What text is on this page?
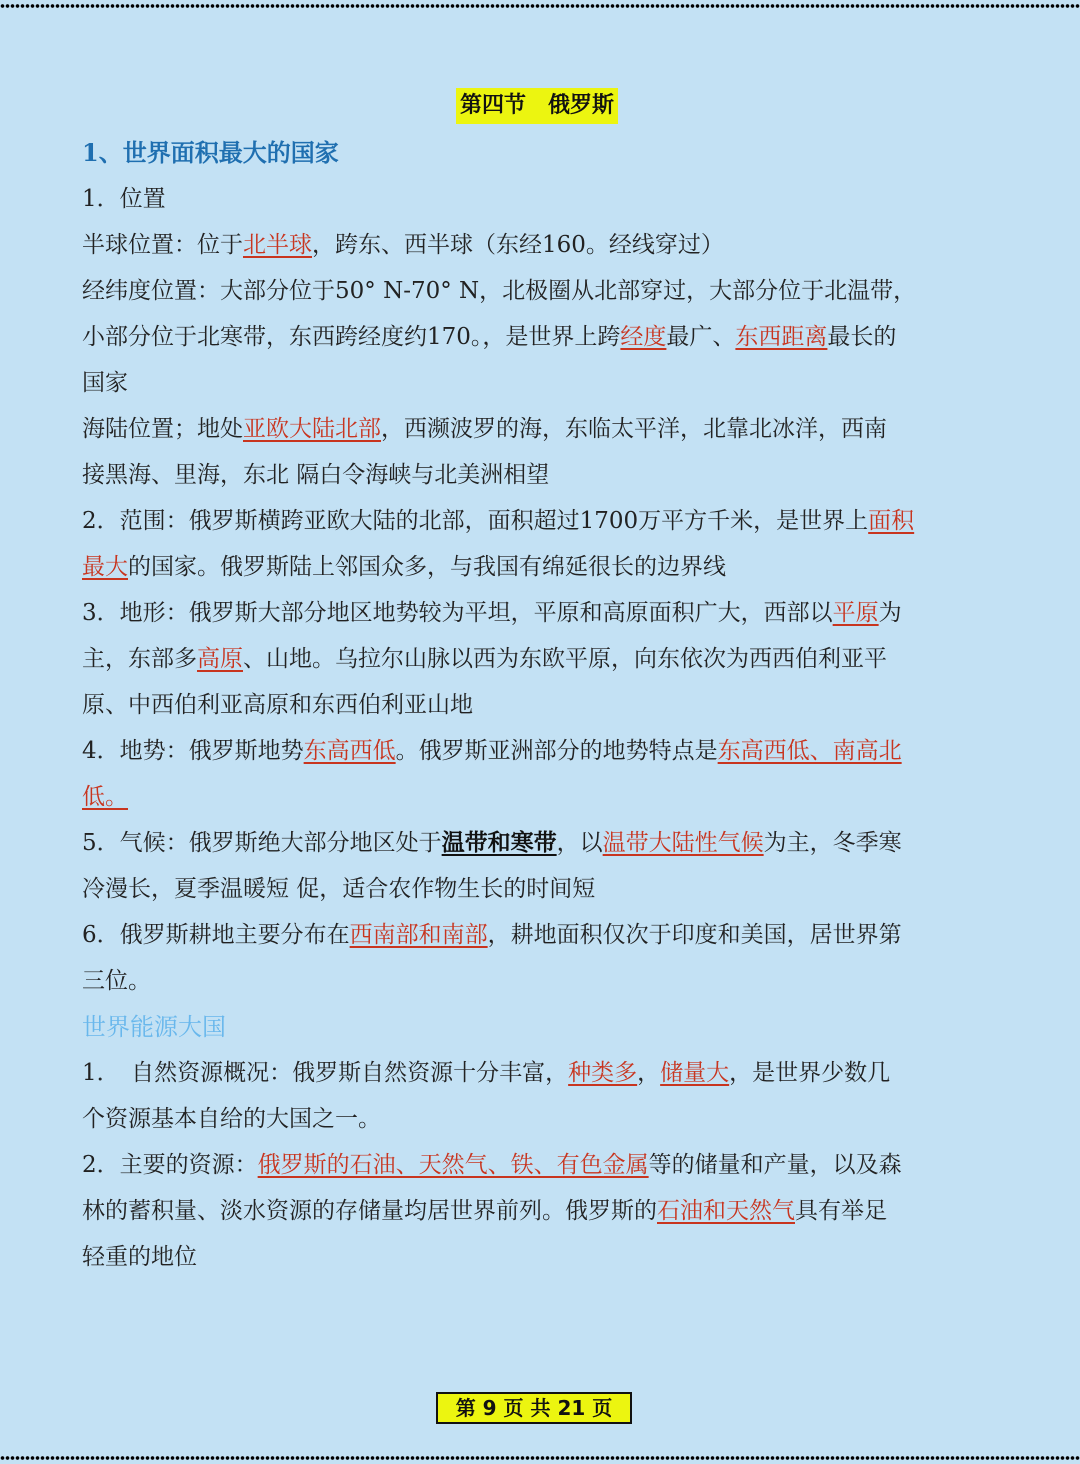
第四节　俄罗斯
1、世界面积最大的国家
1．位置
半球位置：位于北半球，跨东、西半球（东经160。经线穿过）
经纬度位置：大部分位于50° N-70° N，北极圈从北部穿过，大部分位于北温带，
小部分位于北寒带，东西跨经度约170。，是世界上跨经度最广、东西距离最长的
国家
海陆位置；地处亚欧大陆北部，西濒波罗的海，东临太平洋，北靠北冰洋，西南
接黑海、里海，东北 隔白令海峡与北美洲相望
2．范围：俄罗斯横跨亚欧大陆的北部，面积超过1700万平方千米，是世界上面积
最大的国家。俄罗斯陆上邻国众多，与我国有绵延很长的边界线
3．地形：俄罗斯大部分地区地势较为平坦，平原和高原面积广大，西部以平原为
主，东部多高原、山地。乌拉尔山脉以西为东欧平原，向东依次为西西伯利亚平
原、中西伯利亚高原和东西伯利亚山地
4．地势：俄罗斯地势东高西低。俄罗斯亚洲部分的地势特点是东高西低、南高北
低。
5．气候：俄罗斯绝大部分地区处于温带和寒带，以温带大陆性气候为主，冬季寒
冷漫长，夏季温暖短 促，适合农作物生长的时间短
6．俄罗斯耕地主要分布在西南部和南部，耕地面积仅次于印度和美国，居世界第
三位。
世界能源大国
1．　自然资源概况：俄罗斯自然资源十分丰富，种类多，储量大，是世界少数几
个资源基本自给的大国之一。
2．主要的资源：俄罗斯的石油、天然气、铁、有色金属等的储量和产量，以及森
林的蓄积量、淡水资源的存储量均居世界前列。俄罗斯的石油和天然气具有举足
轻重的地位
第 9 页 共 21 页
